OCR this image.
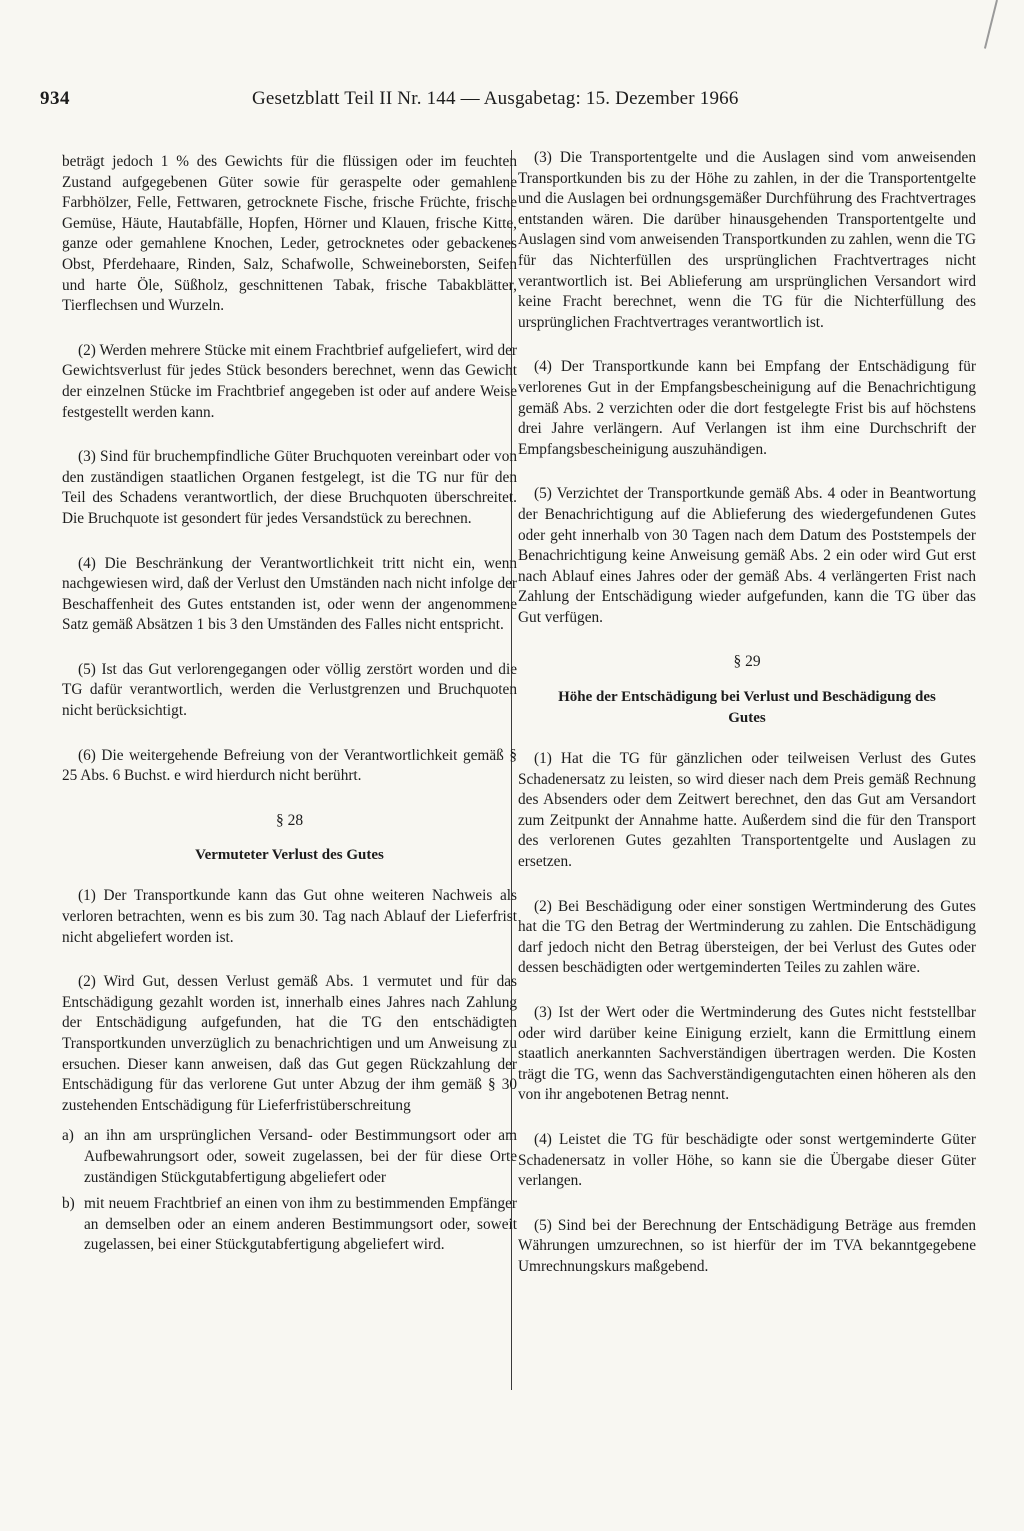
934	Gesetzblatt Teil II Nr. 144 — Ausgabetag: 15. Dezember 1966

beträgt jedoch 1 % des Gewichts für die flüssigen oder im feuchten Zustand aufgegebenen Güter sowie für geraspelte oder gemahlene Farbhölzer, Felle, Fettwaren, getrocknete Fische, frische Früchte, frische Gemüse, Häute, Hautabfälle, Hopfen, Hörner und Klauen, frische Kitte, ganze oder gemahlene Knochen, Leder, getrocknetes oder gebackenes Obst, Pferdehaare, Rinden, Salz, Schafwolle, Schweineborsten, Seifen und harte Öle, Süßholz, geschnittenen Tabak, frische Tabakblätter, Tierflechsen und Wurzeln.

(2) Werden mehrere Stücke mit einem Frachtbrief aufgeliefert, wird der Gewichtsverlust für jedes Stück besonders berechnet, wenn das Gewicht der einzelnen Stücke im Frachtbrief angegeben ist oder auf andere Weise festgestellt werden kann.

(3) Sind für bruchempfindliche Güter Bruchquoten vereinbart oder von den zuständigen staatlichen Organen festgelegt, ist die TG nur für den Teil des Schadens verantwortlich, der diese Bruchquoten überschreitet. Die Bruchquote ist gesondert für jedes Versandstück zu berechnen.

(4) Die Beschränkung der Verantwortlichkeit tritt nicht ein, wenn nachgewiesen wird, daß der Verlust den Umständen nach nicht infolge der Beschaffenheit des Gutes entstanden ist, oder wenn der angenommene Satz gemäß Absätzen 1 bis 3 den Umständen des Falles nicht entspricht.

(5) Ist das Gut verlorengegangen oder völlig zerstört worden und die TG dafür verantwortlich, werden die Verlustgrenzen und Bruchquoten nicht berücksichtigt.

(6) Die weitergehende Befreiung von der Verantwortlichkeit gemäß § 25 Abs. 6 Buchst. e wird hierdurch nicht berührt.

§ 28
Vermuteter Verlust des Gutes

(1) Der Transportkunde kann das Gut ohne weiteren Nachweis als verloren betrachten, wenn es bis zum 30. Tag nach Ablauf der Lieferfrist nicht abgeliefert worden ist.

(2) Wird Gut, dessen Verlust gemäß Abs. 1 vermutet und für das Entschädigung gezahlt worden ist, innerhalb eines Jahres nach Zahlung der Entschädigung aufgefunden, hat die TG den entschädigten Transportkunden unverzüglich zu benachrichtigen und um Anweisung zu ersuchen. Dieser kann anweisen, daß das Gut gegen Rückzahlung der Entschädigung für das verlorene Gut unter Abzug der ihm gemäß § 30 zustehenden Entschädigung für Lieferfristüberschreitung

a) an ihn am ursprünglichen Versand- oder Bestimmungsort oder am Aufbewahrungsort oder, soweit zugelassen, bei der für diese Orte zuständigen Stückgutabfertigung abgeliefert oder
b) mit neuem Frachtbrief an einen von ihm zu bestimmenden Empfänger an demselben oder an einem anderen Bestimmungsort oder, soweit zugelassen, bei einer Stückgutabfertigung abgeliefert wird.

(3) Die Transportentgelte und die Auslagen sind vom anweisenden Transportkunden bis zu der Höhe zu zahlen, in der die Transportentgelte und die Auslagen bei ordnungsgemäßer Durchführung des Frachtvertrages entstanden wären. Die darüber hinausgehenden Transportentgelte und Auslagen sind vom anweisenden Transportkunden zu zahlen, wenn die TG für das Nichterfüllen des ursprünglichen Frachtvertrages nicht verantwortlich ist. Bei Ablieferung am ursprünglichen Versandort wird keine Fracht berechnet, wenn die TG für die Nichterfüllung des ursprünglichen Frachtvertrages verantwortlich ist.

(4) Der Transportkunde kann bei Empfang der Entschädigung für verlorenes Gut in der Empfangsbescheinigung auf die Benachrichtigung gemäß Abs. 2 verzichten oder die dort festgelegte Frist bis auf höchstens drei Jahre verlängern. Auf Verlangen ist ihm eine Durchschrift der Empfangsbescheinigung auszuhändigen.

(5) Verzichtet der Transportkunde gemäß Abs. 4 oder in Beantwortung der Benachrichtigung auf die Ablieferung des wiedergefundenen Gutes oder geht innerhalb von 30 Tagen nach dem Datum des Poststempels der Benachrichtigung keine Anweisung gemäß Abs. 2 ein oder wird Gut erst nach Ablauf eines Jahres oder der gemäß Abs. 4 verlängerten Frist nach Zahlung der Entschädigung wieder aufgefunden, kann die TG über das Gut verfügen.

§ 29
Höhe der Entschädigung bei Verlust und Beschädigung des Gutes

(1) Hat die TG für gänzlichen oder teilweisen Verlust des Gutes Schadenersatz zu leisten, so wird dieser nach dem Preis gemäß Rechnung des Absenders oder dem Zeitwert berechnet, den das Gut am Versandort zum Zeitpunkt der Annahme hatte. Außerdem sind die für den Transport des verlorenen Gutes gezahlten Transportentgelte und Auslagen zu ersetzen.

(2) Bei Beschädigung oder einer sonstigen Wertminderung des Gutes hat die TG den Betrag der Wertminderung zu zahlen. Die Entschädigung darf jedoch nicht den Betrag übersteigen, der bei Verlust des Gutes oder dessen beschädigten oder wertgeminderten Teiles zu zahlen wäre.

(3) Ist der Wert oder die Wertminderung des Gutes nicht feststellbar oder wird darüber keine Einigung erzielt, kann die Ermittlung einem staatlich anerkannten Sachverständigen übertragen werden. Die Kosten trägt die TG, wenn das Sachverständigengutachten einen höheren als den von ihr angebotenen Betrag nennt.

(4) Leistet die TG für beschädigte oder sonst wertgeminderte Güter Schadenersatz in voller Höhe, so kann sie die Übergabe dieser Güter verlangen.

(5) Sind bei der Berechnung der Entschädigung Beträge aus fremden Währungen umzurechnen, so ist hierfür der im TVA bekanntgegebene Umrechnungskurs maßgebend.
